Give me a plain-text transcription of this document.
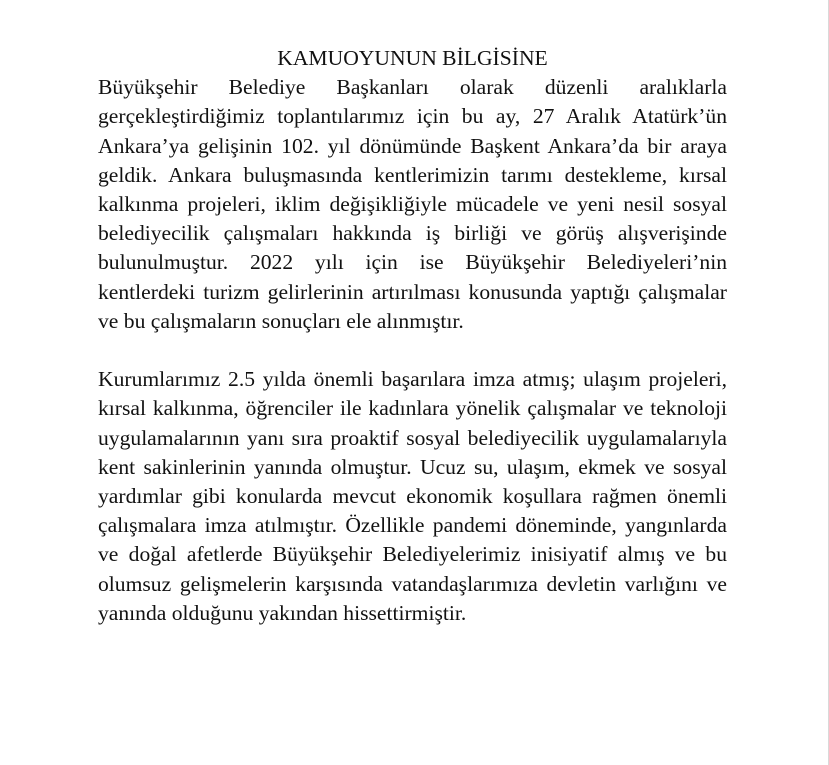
KAMUOYUNUN BİLGİSİNE

Büyükşehir Belediye Başkanları olarak düzenli aralıklarla gerçekleştirdiğimiz toplantılarımız için bu ay, 27 Aralık Atatürk’ün Ankara’ya gelişinin 102. yıl dönümünde Başkent Ankara’da bir araya geldik. Ankara buluşmasında kentlerimizin tarımı destekleme, kırsal kalkınma projeleri, iklim değişikliğiyle mücadele ve yeni nesil sosyal belediyecilik çalışmaları hakkında iş birliği ve görüş alışverişinde bulunulmuştur. 2022 yılı için ise Büyükşehir Belediyeleri’nin kentlerdeki turizm gelirlerinin artırılması konusunda yaptığı çalışmalar ve bu çalışmaların sonuçları ele alınmıştır.

Kurumlarımız 2.5 yılda önemli başarılara imza atmış; ulaşım projeleri, kırsal kalkınma, öğrenciler ile kadınlara yönelik çalışmalar ve teknoloji uygulamalarının yanı sıra proaktif sosyal belediyecilik uygulamalarıyla kent sakinlerinin yanında olmuştur. Ucuz su, ulaşım, ekmek ve sosyal yardımlar gibi konularda mevcut ekonomik koşullara rağmen önemli çalışmalara imza atılmıştır. Özellikle pandemi döneminde, yangınlarda ve doğal afetlerde Büyükşehir Belediyelerimiz inisiyatif almış ve bu olumsuz gelişmelerin karşısında vatandaşlarımıza devletin varlığını ve yanında olduğunu yakından hissettirmiştir.
